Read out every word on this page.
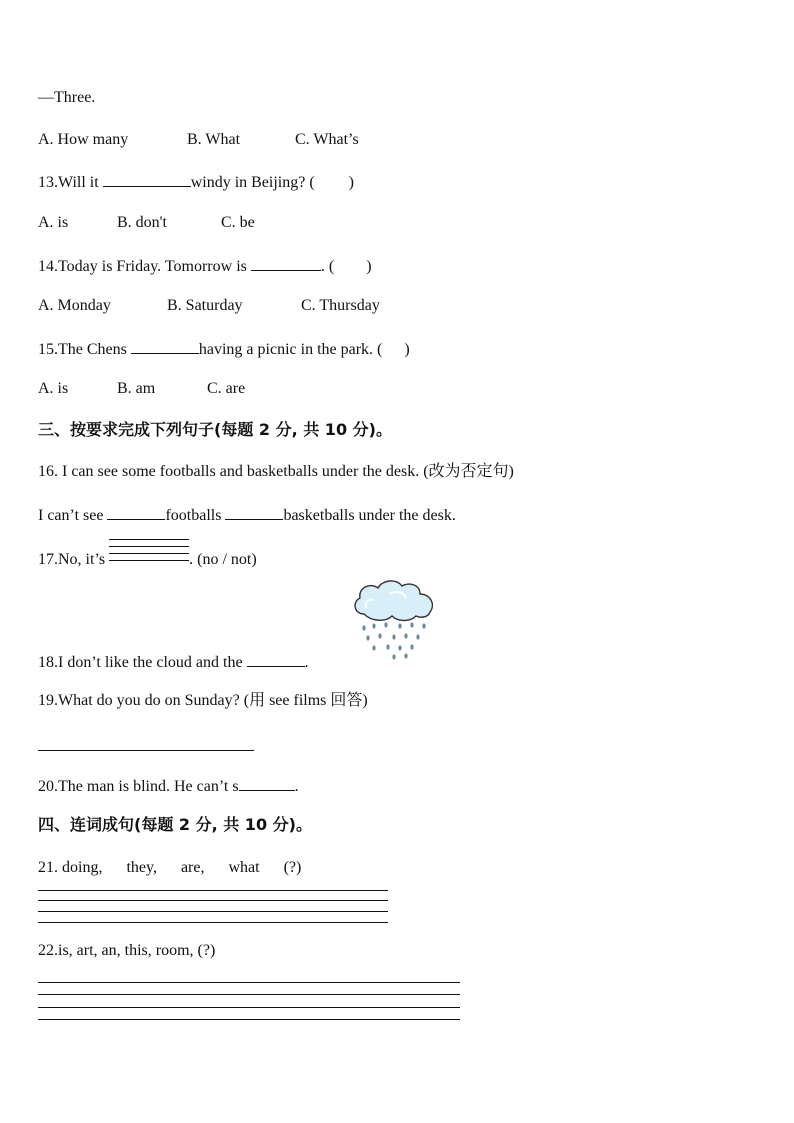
—Three.
A. How many	B. What	C. What’s
13.Will it	windy in Beijing? ( )
A. is	B. don't	C. be
14.Today is Friday. Tomorrow is	. ( )
A. Monday	B. Saturday	C. Thursday
15.The Chens	having a picnic in the park. ( )
A. is	B. am	C. are
三、按要求完成下列句子(每题 2 分, 共 10 分)。
16. I can see some footballs and basketballs under the desk. (改为否定句)
I can’t see	footballs	basketballs under the desk.
17.No, it’s	. (no / not)
18.I don’t like the cloud and the	.
19.What do you do on Sunday? (用 see films 回答)
20.The man is blind. He can’t s	.
四、连词成句(每题 2 分, 共 10 分)。
21. doing,      they,      are,      what      (?)
22.is, art, an, this, room, (?)
